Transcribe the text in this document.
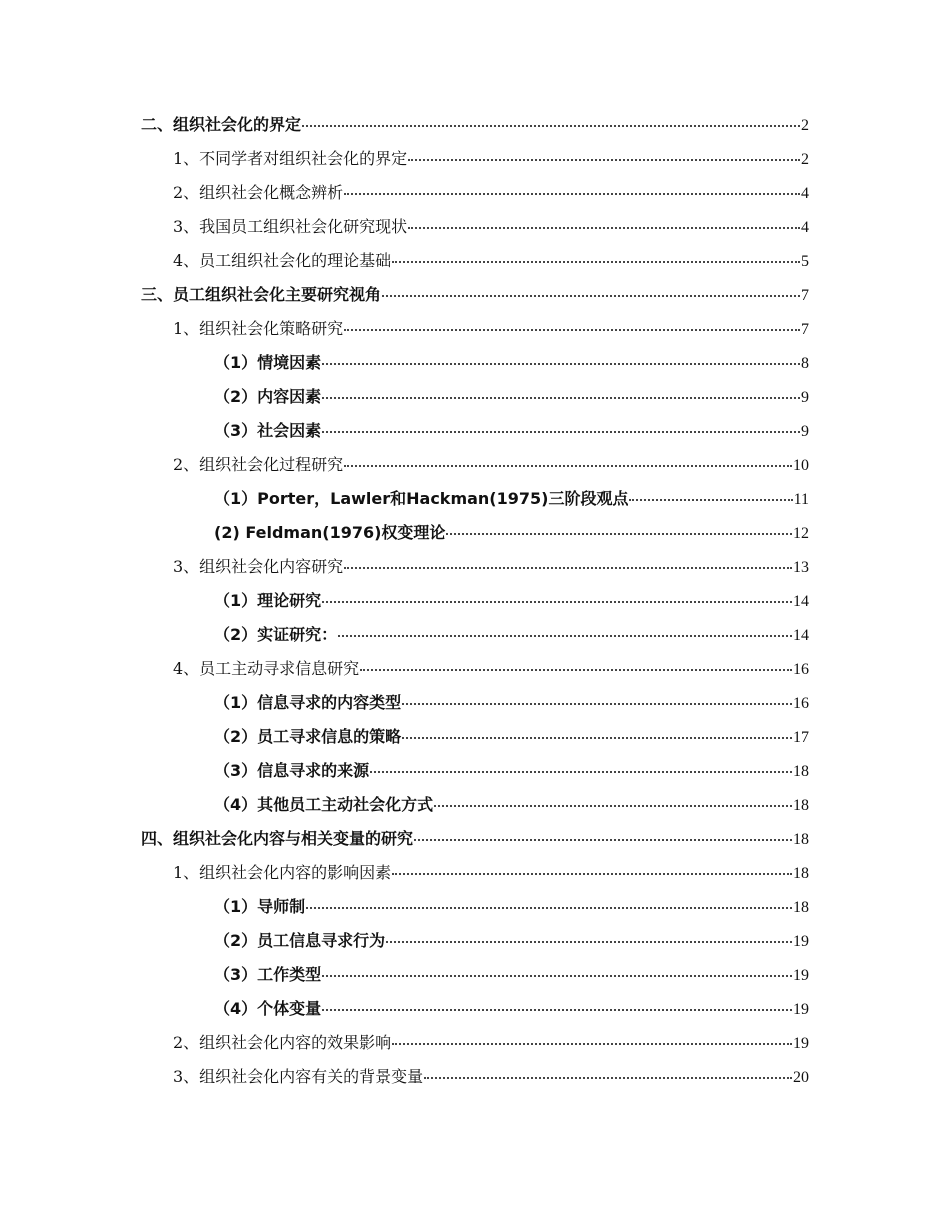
二、组织社会化的界定	2
1、不同学者对组织社会化的界定	2
2、组织社会化概念辨析	4
3、我国员工组织社会化研究现状	4
4、员工组织社会化的理论基础	5
三、员工组织社会化主要研究视角	7
1、组织社会化策略研究	7
（1）情境因素	8
（2）内容因素	9
（3）社会因素	9
2、组织社会化过程研究	10
（1）Porter，Lawler和Hackman(1975)三阶段观点	11
(2) Feldman(1976)权变理论	12
3、组织社会化内容研究	13
（1）理论研究	14
（2）实证研究：	14
4、员工主动寻求信息研究	16
（1）信息寻求的内容类型	16
（2）员工寻求信息的策略	17
（3）信息寻求的来源	18
（4）其他员工主动社会化方式	18
四、组织社会化内容与相关变量的研究	18
1、组织社会化内容的影响因素	18
（1）导师制	18
（2）员工信息寻求行为	19
（3）工作类型	19
（4）个体变量	19
2、组织社会化内容的效果影响	19
3、组织社会化内容有关的背景变量	20
